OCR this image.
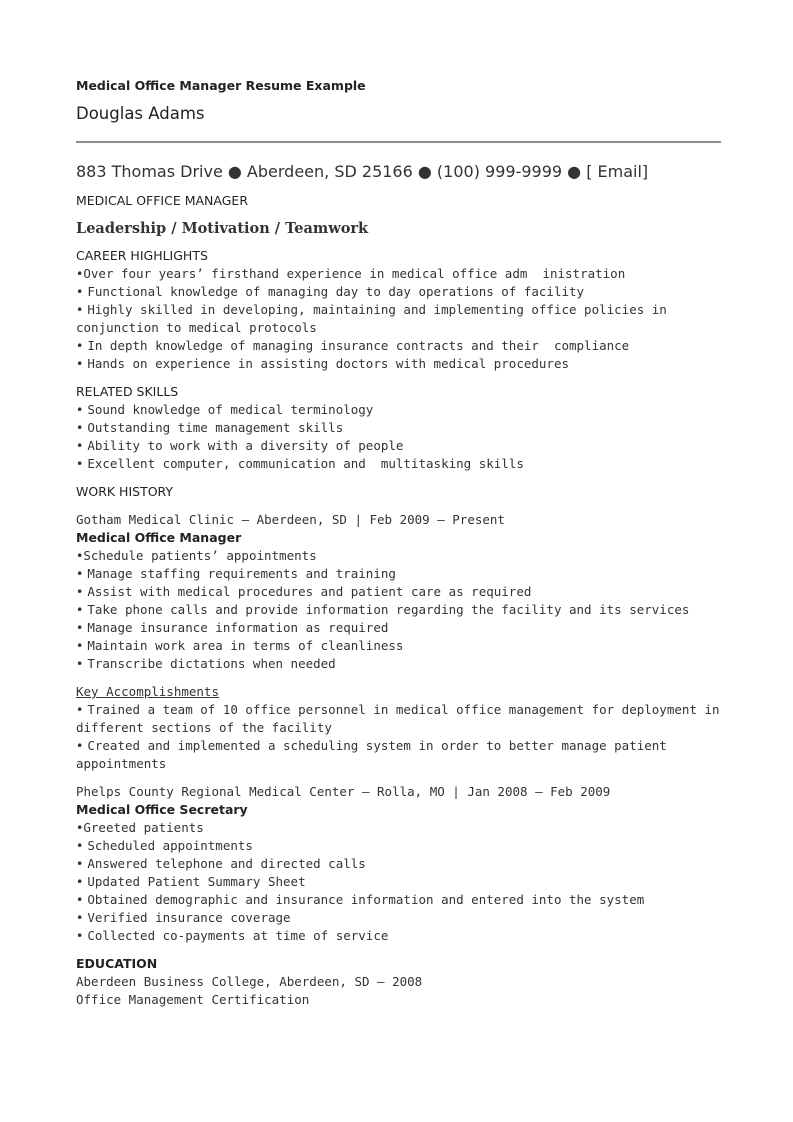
Medical Office Manager Resume Example
Douglas Adams
883 Thomas Drive ● Aberdeen, SD 25166 ● (100) 999-9999 ● [ Email]
MEDICAL OFFICE MANAGER
Leadership / Motivation / Teamwork
CAREER HIGHLIGHTS
•Over four years’ firsthand experience in medical office adm  inistration
• Functional knowledge of managing day to day operations of facility
• Highly skilled in developing, maintaining and implementing office policies in conjunction to medical protocols
• In depth knowledge of managing insurance contracts and their  compliance
• Hands on experience in assisting doctors with medical procedures
RELATED SKILLS
• Sound knowledge of medical terminology
• Outstanding time management skills
• Ability to work with a diversity of people
• Excellent computer, communication and  multitasking skills
WORK HISTORY
Gotham Medical Clinic – Aberdeen, SD | Feb 2009 – Present
Medical Office Manager
•Schedule patients’ appointments
• Manage staffing requirements and training
• Assist with medical procedures and patient care as required
• Take phone calls and provide information regarding the facility and its services
• Manage insurance information as required
• Maintain work area in terms of cleanliness
• Transcribe dictations when needed
Key Accomplishments
• Trained a team of 10 office personnel in medical office management for deployment in different sections of the facility
• Created and implemented a scheduling system in order to better manage patient appointments
Phelps County Regional Medical Center – Rolla, MO | Jan 2008 – Feb 2009
Medical Office Secretary
•Greeted patients
• Scheduled appointments
• Answered telephone and directed calls
• Updated Patient Summary Sheet
• Obtained demographic and insurance information and entered into the system
• Verified insurance coverage
• Collected co-payments at time of service
EDUCATION
Aberdeen Business College, Aberdeen, SD – 2008
Office Management Certification
